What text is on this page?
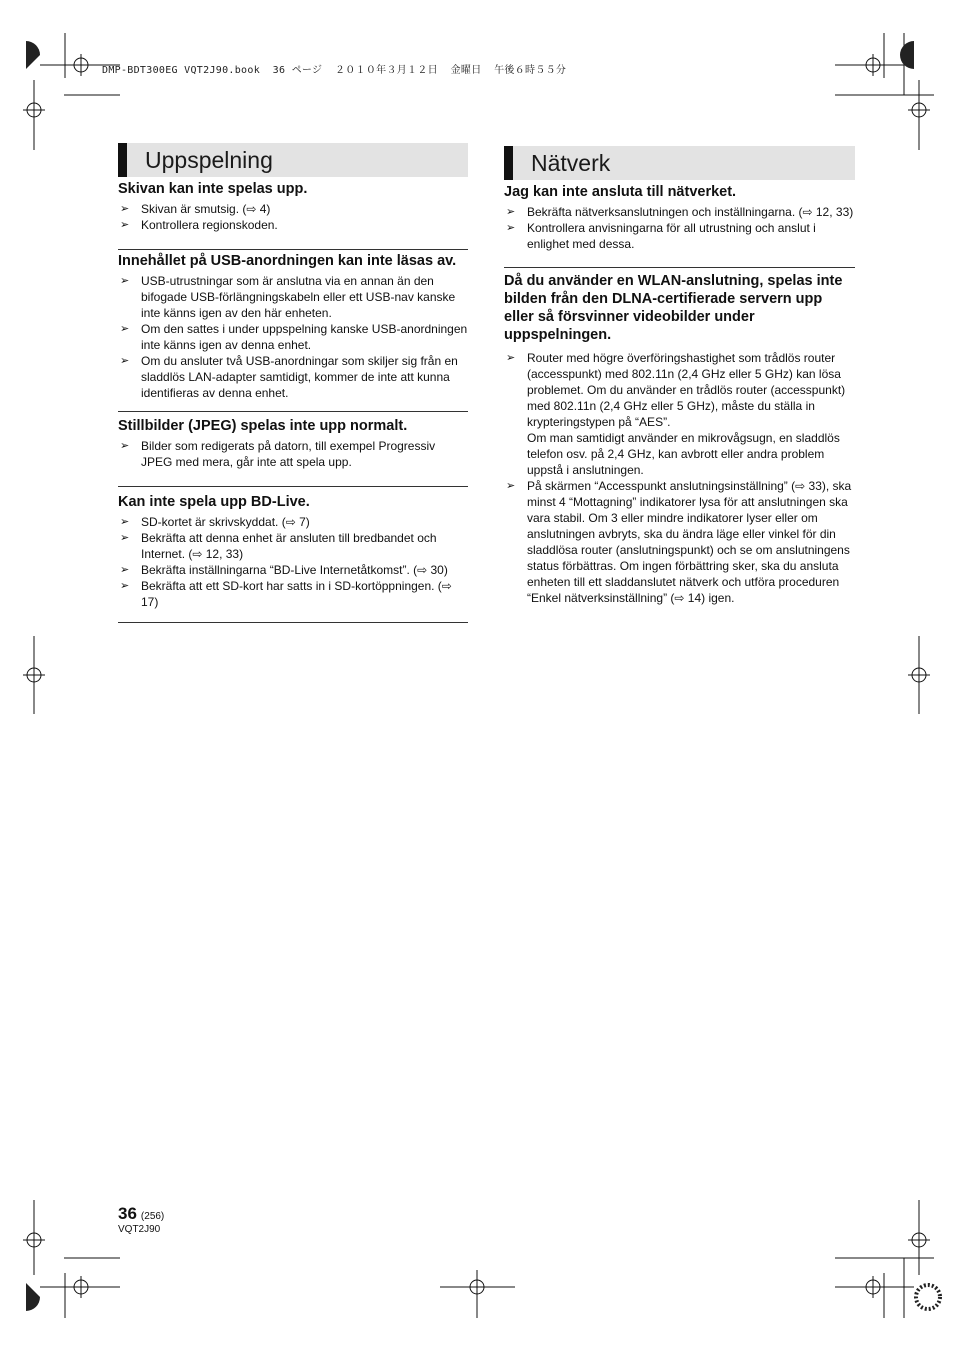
DMP-BDT300EG VQT2J90.book  36 ページ  ２０１０年３月１２日  金曜日  午後６時５５分
Uppspelning
Skivan kan inte spelas upp.
➢ Skivan är smutsig. (⇨ 4)
➢ Kontrollera regionskoden.
Innehållet på USB-anordningen kan inte läsas av.
➢ USB-utrustningar som är anslutna via en annan än den bifogade USB-förlängningskabeln eller ett USB-nav kanske inte känns igen av den här enheten.
➢ Om den sattes i under uppspelning kanske USB-anordningen inte känns igen av denna enhet.
➢ Om du ansluter två USB-anordningar som skiljer sig från en sladdlös LAN-adapter samtidigt, kommer de inte att kunna identifieras av denna enhet.
Stillbilder (JPEG) spelas inte upp normalt.
➢ Bilder som redigerats på datorn, till exempel Progressiv JPEG med mera, går inte att spela upp.
Kan inte spela upp BD-Live.
➢ SD-kortet är skrivskyddat. (⇨ 7)
➢ Bekräfta att denna enhet är ansluten till bredbandet och Internet. (⇨ 12, 33)
➢ Bekräfta inställningarna “BD-Live Internetåtkomst”. (⇨ 30)
➢ Bekräfta att ett SD-kort har satts in i SD-kortöppningen. (⇨ 17)
Nätverk
Jag kan inte ansluta till nätverket.
➢ Bekräfta nätverksanslutningen och inställningarna. (⇨ 12, 33)
➢ Kontrollera anvisningarna för all utrustning och anslut i enlighet med dessa.
Då du använder en WLAN-anslutning, spelas inte bilden från den DLNA-certifierade servern upp eller så försvinner videobilder under uppspelningen.
➢ Router med högre överföringshastighet som trådlös router (accesspunkt) med 802.11n (2,4 GHz eller 5 GHz) kan lösa problemet. Om du använder en trådlös router (accesspunkt) med 802.11n (2,4 GHz eller 5 GHz), måste du ställa in krypteringstypen på “AES”.
Om man samtidigt använder en mikrovågsugn, en sladdlös telefon osv. på 2,4 GHz, kan avbrott eller andra problem uppstå i anslutningen.
➢ På skärmen “Accesspunkt anslutningsinställning” (⇨ 33), ska minst 4 “Mottagning” indikatorer lysa för att anslutningen ska vara stabil. Om 3 eller mindre indikatorer lyser eller om anslutningen avbryts, ska du ändra läge eller vinkel för din sladdlösa router (anslutningspunkt) och se om anslutningens status förbättras. Om ingen förbättring sker, ska du ansluta enheten till ett sladdanslutet nätverk och utföra proceduren “Enkel nätverksinställning” (⇨ 14) igen.
36 (256)
VQT2J90
